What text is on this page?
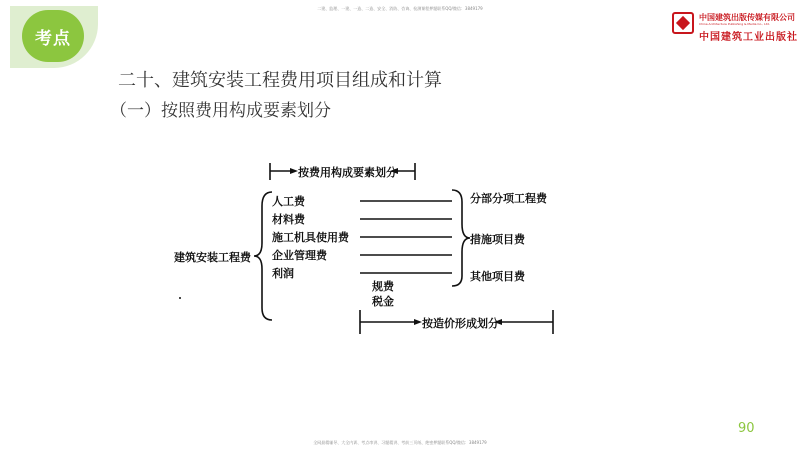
考点
二建、监理、一建、一造、二造、安全、消防、咨询、检测课程押题联系QQ/微信：3849179
中国建筑出版传媒有限公司
China Architecture Publishing & Media Co., Ltd.
中国建筑工业出版社
二十、建筑安装工程费用项目组成和计算
（一）按照费用构成要素划分
按费用构成要素划分
建筑安装工程费
人工费
材料费
施工机具使用费
企业管理费
利润
规费
税金
分部分项工程费
措施项目费
其他项目费
按造价形成划分
90
全网最精辅导、大全内训、考点串讲、习题精讲、考前三页纸、绝密押题联系QQ/微信：3849179
